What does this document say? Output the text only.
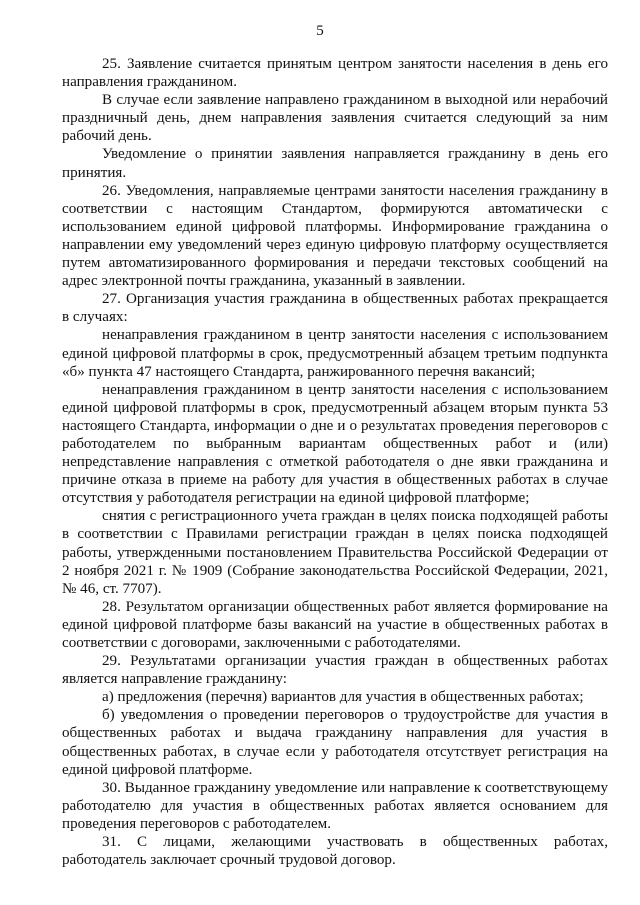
5

25. Заявление считается принятым центром занятости населения в день его направления гражданином.

В случае если заявление направлено гражданином в выходной или нерабочий праздничный день, днем направления заявления считается следующий за ним рабочий день.

Уведомление о принятии заявления направляется гражданину в день его принятия.

26. Уведомления, направляемые центрами занятости населения гражданину в соответствии с настоящим Стандартом, формируются автоматически с использованием единой цифровой платформы. Информирование гражданина о направлении ему уведомлений через единую цифровую платформу осуществляется путем автоматизированного формирования и передачи текстовых сообщений на адрес электронной почты гражданина, указанный в заявлении.

27. Организация участия гражданина в общественных работах прекращается в случаях:

ненаправления гражданином в центр занятости населения с использованием единой цифровой платформы в срок, предусмотренный абзацем третьим подпункта «б» пункта 47 настоящего Стандарта, ранжированного перечня вакансий;

ненаправления гражданином в центр занятости населения с использованием единой цифровой платформы в срок, предусмотренный абзацем вторым пункта 53 настоящего Стандарта, информации о дне и о результатах проведения переговоров с работодателем по выбранным вариантам общественных работ и (или) непредставление направления с отметкой работодателя о дне явки гражданина и причине отказа в приеме на работу для участия в общественных работах в случае отсутствия у работодателя регистрации на единой цифровой платформе;

снятия с регистрационного учета граждан в целях поиска подходящей работы в соответствии с Правилами регистрации граждан в целях поиска подходящей работы, утвержденными постановлением Правительства Российской Федерации от 2 ноября 2021 г. № 1909 (Собрание законодательства Российской Федерации, 2021, № 46, ст. 7707).

28. Результатом организации общественных работ является формирование на единой цифровой платформе базы вакансий на участие в общественных работах в соответствии с договорами, заключенными с работодателями.

29. Результатами организации участия граждан в общественных работах является направление гражданину:

а) предложения (перечня) вариантов для участия в общественных работах;

б) уведомления о проведении переговоров о трудоустройстве для участия в общественных работах и выдача гражданину направления для участия в общественных работах, в случае если у работодателя отсутствует регистрация на единой цифровой платформе.

30. Выданное гражданину уведомление или направление к соответствующему работодателю для участия в общественных работах является основанием для проведения переговоров с работодателем.

31. С лицами, желающими участвовать в общественных работах, работодатель заключает срочный трудовой договор.
